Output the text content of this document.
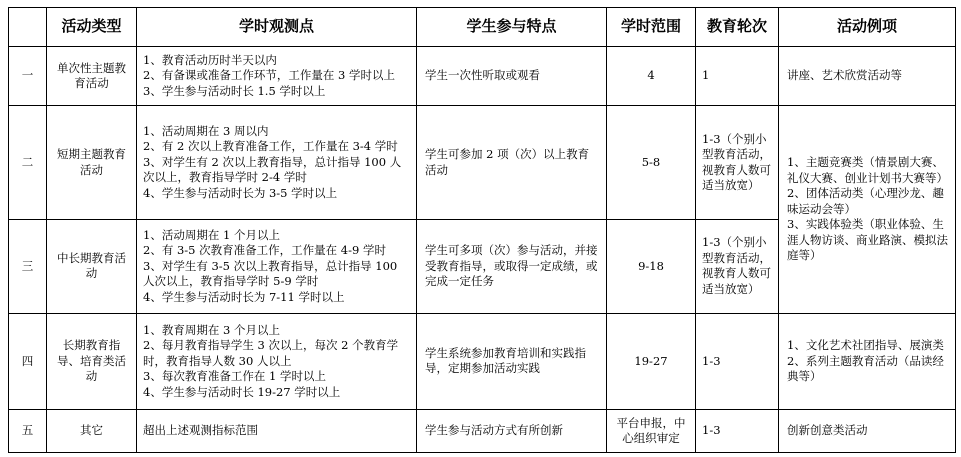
	活动类型	学时观测点	学生参与特点	学时范围	教育轮次	活动例项
一	单次性主题教育活动	1、教育活动历时半天以内
2、有备课或准备工作环节，工作量在 3 学时以上
3、学生参与活动时长 1.5 学时以上	学生一次性听取或观看	4	1	讲座、艺术欣赏活动等
二	短期主题教育活动	1、活动周期在 3 周以内
2、有 2 次以上教育准备工作，工作量在 3-4 学时
3、对学生有 2 次以上教育指导，总计指导 100 人次以上，教育指导学时 2-4 学时
4、学生参与活动时长为 3-5 学时以上	学生可参加 2 项（次）以上教育活动	5-8	1-3（个别小型教育活动，视教育人数可适当放宽）	1、主题竞赛类（情景剧大赛、礼仪大赛、创业计划书大赛等）
2、团体活动类（心理沙龙、趣味运动会等）
3、实践体验类（职业体验、生涯人物访谈、商业路演、模拟法庭等）

三	中长期教育活动	1、活动周期在 1 个月以上
2、有 3-5 次教育准备工作，工作量在 4-9 学时
3、对学生有 3-5 次以上教育指导，总计指导 100 人次以上，教育指导学时 5-9 学时
4、学生参与活动时长为 7-11 学时以上	学生可多项（次）参与活动，并接受教育指导，或取得一定成绩，或完成一定任务	9-18	1-3（个别小型教育活动，视教育人数可适当放宽）	
四	长期教育指导、培育类活动	1、教育周期在 3 个月以上
2、每月教育指导学生 3 次以上，每次 2 个教育学时，教育指导人数 30 人以上
3、每次教育准备工作在 1 学时以上
4、学生参与活动时长 19-27 学时以上	学生系统参加教育培训和实践指导，定期参加活动实践	19-27	1-3	1、文化艺术社团指导、展演类
2、系列主题教育活动（品读经典等）

五	其它	超出上述观测指标范围	学生参与活动方式有所创新	平台申报，中心组织审定	1-3	创新创意类活动
